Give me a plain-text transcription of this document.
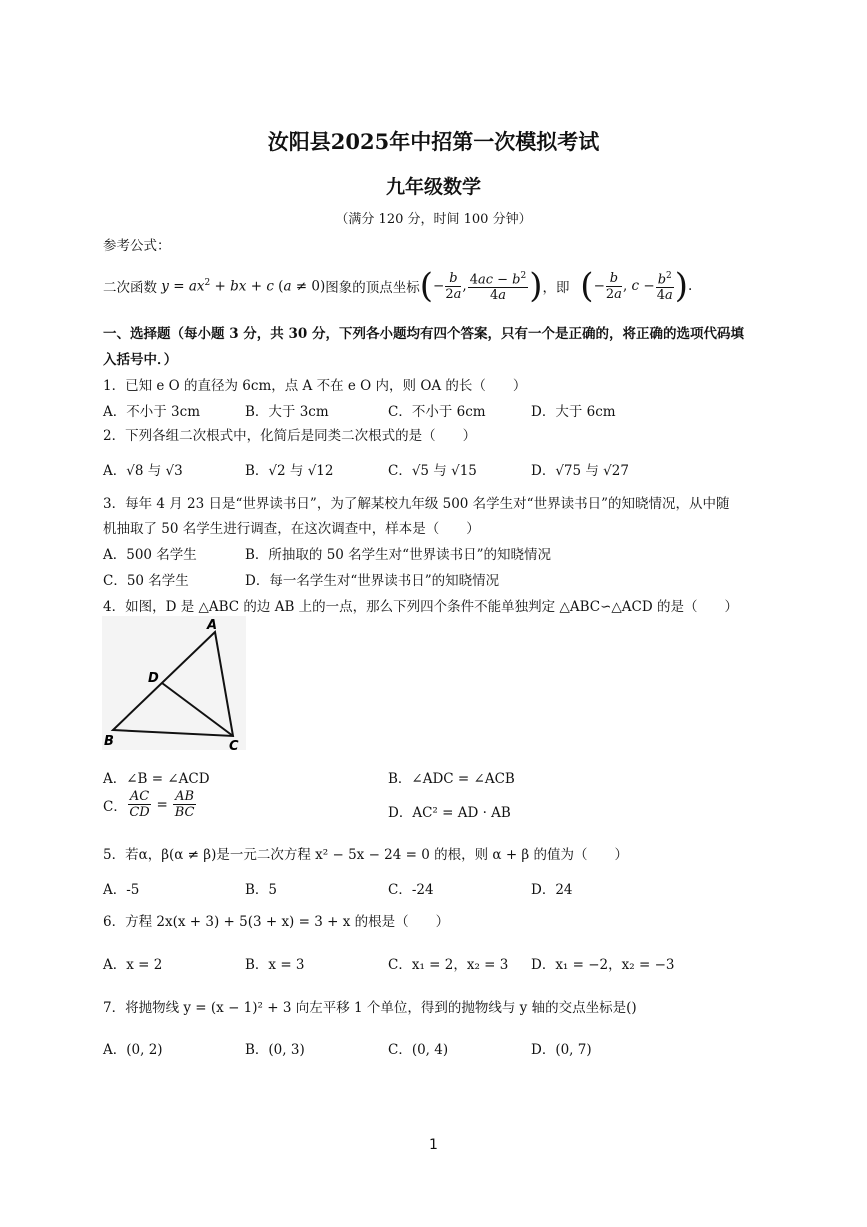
汝阳县2025年中招第一次模拟考试
九年级数学
（满分 120 分，时间 100 分钟）
参考公式：
二次函数 $y = ax^2$ + bx + c (a ≠ 0) 图象的顶点坐标 ( − $\frac{b}{2a}$ , $\frac{4ac - b^2}{4a}$ ) ，即 ( − $\frac{b}{2a}$ , $c - \frac{b^2}{4a}$ ) .
一、选择题（每小题 3 分，共 30 分，下列各小题均有四个答案，只有一个是正确的，将正确的选项代码填
入括号中．）
1．已知 e O 的直径为 6cm，点 A 不在 e O 内，则 OA 的长（　　）
A．不小于 3cm	B．大于 3cm	C．不小于 6cm	D．大于 6cm
2．下列各组二次根式中，化简后是同类二次根式的是（　　）
A．√8 与 √3	B．√2 与 √12	C．√5 与 √15	D．√75 与 √27
3．每年 4 月 23 日是“世界读书日”，为了解某校九年级 500 名学生对“世界读书日”的知晓情况，从中随
机抽取了 50 名学生进行调查，在这次调查中，样本是（　　）
A．500 名学生	B．所抽取的 50 名学生对“世界读书日”的知晓情况
C．50 名学生	D．每一名学生对“世界读书日”的知晓情况
4．如图，D 是 △ABC 的边 AB 上的一点，那么下列四个条件不能单独判定 △ABC∽△ACD 的是（　　）
A
D
B	C
A．∠B = ∠ACD	B．∠ADC = ∠ACB
C． $\frac{AC}{CD} = \frac{AB}{BC}$	D．AC² = AD · AB
5．若α，β(α ≠ β)是一元二次方程 x² − 5x − 24 = 0 的根，则 α + β 的值为（　　）
A．-5	B．5	C．-24	D．24
6．方程 2x(x + 3) + 5(3 + x) = 3 + x 的根是（　　）
A．x = 2	B．x = 3	C．x₁ = 2，x₂ = 3 D．x₁ = −2，x₂ = −3
7．将抛物线 y = (x − 1)² + 3 向左平移 1 个单位，得到的抛物线与 y 轴的交点坐标是()
A．(0, 2)	B．(0, 3)	C．(0, 4)	D．(0, 7)
1
